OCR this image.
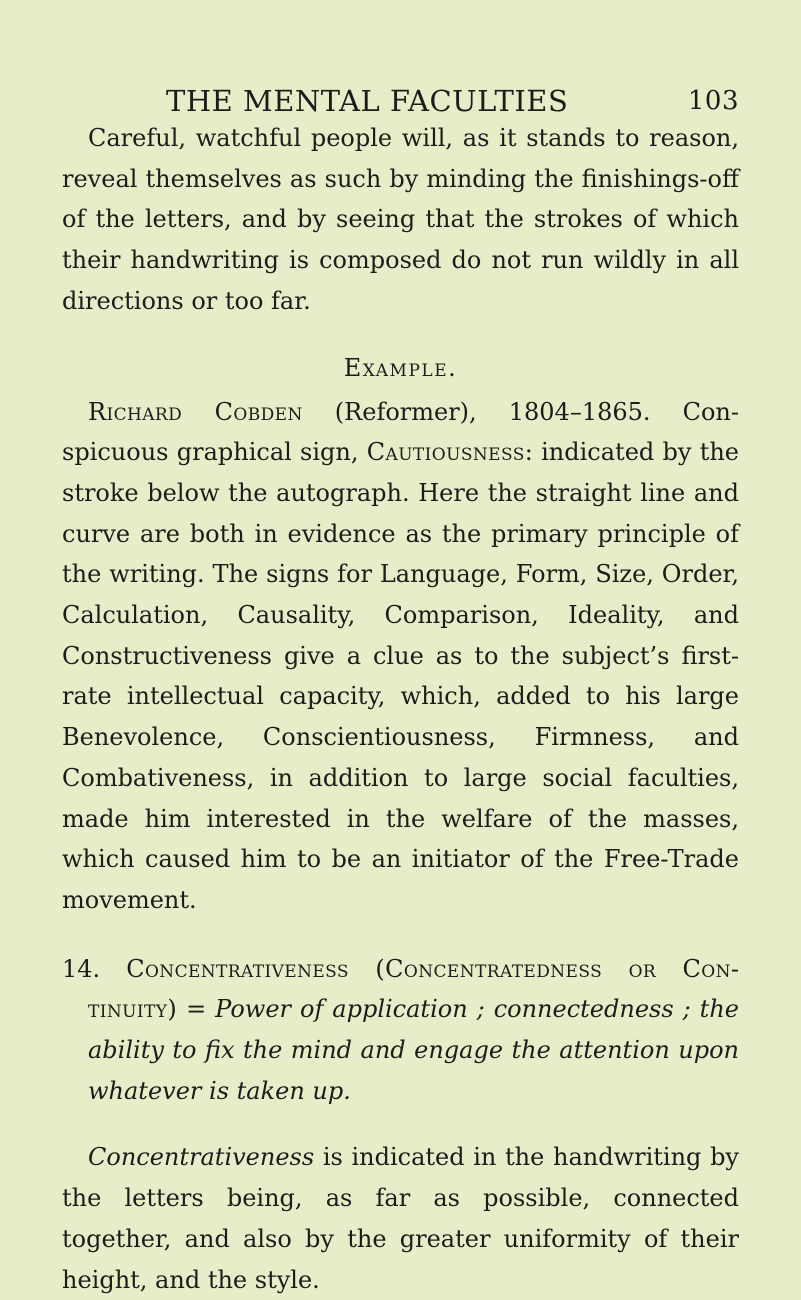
THE MENTAL FACULTIES	103

Careful, watchful people will, as it stands to reason, reveal themselves as such by minding the finishings-off of the letters, and by seeing that the strokes of which their handwriting is composed do not run wildly in all directions or too far.

Example.

Richard Cobden (Reformer), 1804–1865. Conspicuous graphical sign, Cautiousness: indicated by the stroke below the autograph. Here the straight line and curve are both in evidence as the primary principle of the writing. The signs for Language, Form, Size, Order, Calculation, Causality, Comparison, Ideality, and Constructiveness give a clue as to the subject’s first-rate intellectual capacity, which, added to his large Benevolence, Conscientiousness, Firmness, and Combativeness, in addition to large social faculties, made him interested in the welfare of the masses, which caused him to be an initiator of the Free-Trade movement.

14. Concentrativeness (Concentratedness or Continuity) = Power of application ; connectedness ; the ability to fix the mind and engage the attention upon whatever is taken up.

Concentrativeness is indicated in the handwriting by the letters being, as far as possible, connected together, and also by the greater uniformity of their height, and the style.
